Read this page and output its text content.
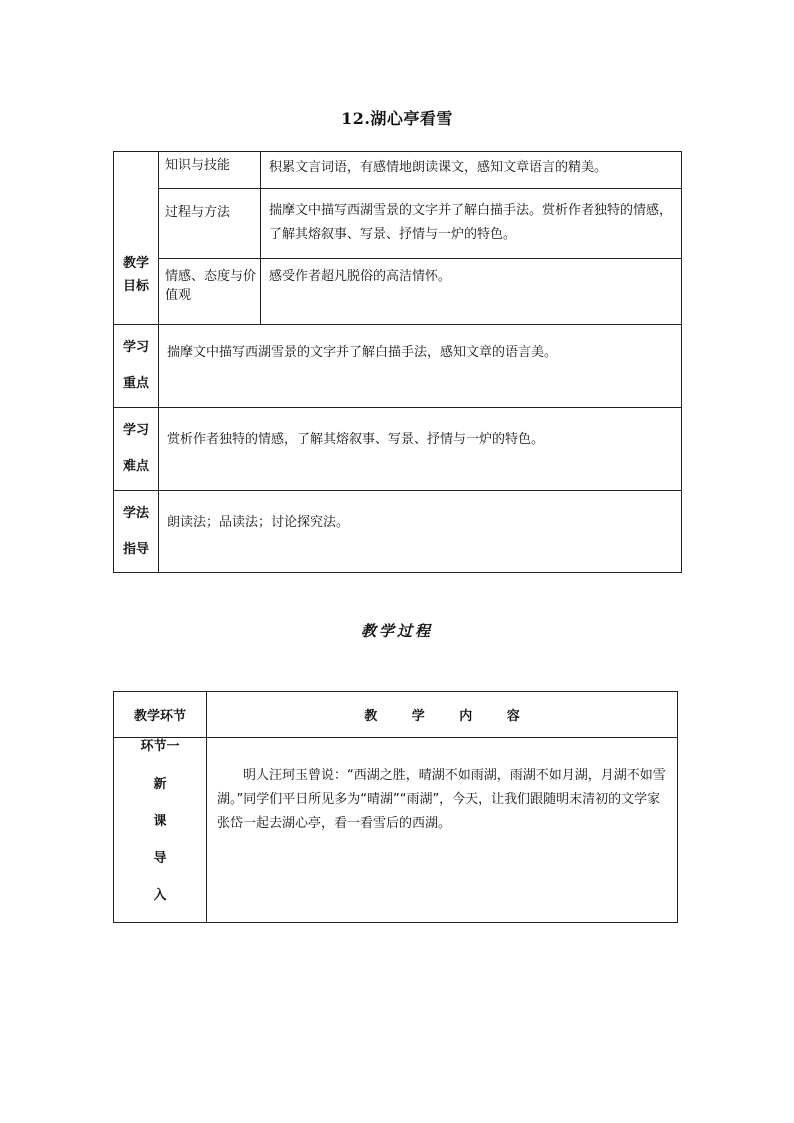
12.湖心亭看雪
教学
目标	知识与技能	积累文言词语，有感情地朗读课文，感知文章语言的精美。
	过程与方法	揣摩文中描写西湖雪景的文字并了解白描手法。赏析作者独特的情感，了解其熔叙事、写景、抒情与一炉的特色。
	情感、态度与价值观	感受作者超凡脱俗的高洁情怀。
学习
重点	揣摩文中描写西湖雪景的文字并了解白描手法，感知文章的语言美。	
学习
难点	赏析作者独特的情感，了解其熔叙事、写景、抒情与一炉的特色。	
学法
指导	朗读法；品读法；讨论探究法。	
教学过程
教学环节	教 学 内 容

环节一
新
课
导
入	明人汪珂玉曾说：“西湖之胜，晴湖不如雨湖，雨湖不如月湖，月湖不如雪湖。”同学们平日所见多为“晴湖”“雨湖”，今天，让我们跟随明末清初的文学家张岱一起去湖心亭，看一看雪后的西湖。
